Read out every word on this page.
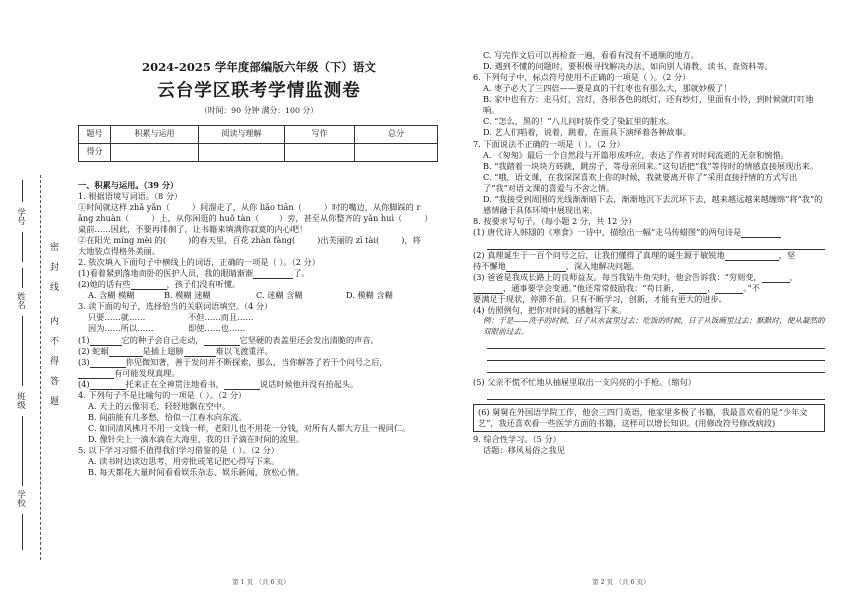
学号
姓名
班级
学校
密
封
线
内
不
得
答
题
2024-2025 学年度部编版六年级（下）语文
云台学区联考学情监测卷
（时间：90 分钟 满分：100 分）
题号	积累与运用	阅读与理解	写作	总分
得分				
一、积累与运用。（39 分）
1. 根据语境写词语。（8 分）
①时间就这样 zhǎ yǎn（	）间溜走了，从你 liǎo tiān（	）时的嘴边，从你脚踩的 r
ǎng zhuàn（	）上，从你闲逛的 huǒ tàn（ ）旁，甚至从你整齐的 yǎn huì（	）
桌前……因此，不要再徘徊了，让书籍来填满你寂寞的内心吧！
②在阳光 míng mèi 的(	)的春天里，百花 zhàn fàng(	)出芙丽的 zī tài(	)，将
大地装点得格外美丽。
2. 依次填入下面句子中横线上的词语，正确的一项是（ ）。（2 分）
(1)看着紧到落地而卧的医护人员，我的眼睛渐渐	了。
(2)她的话有些	，孩子们没有听懂。
A. 含糊 模糊	B. 模糊 迷糊	C. 迷糊 含糊	D. 模糊 含糊
3. 读下面的句子，选择恰当的关联词语填空。（4 分）
只要……就……	不但……而且……
因为……所以……	即使……也……
(1)	它的种子会自己走动，	它坚硬的表盖里还会发出清脆的声音。
(2) 蛇蜗	是插上翅膀	难以飞渡重洋。
(3)	你见微知著，善于发问并不断探索，那么，当你解答了若干个问号之后，
有可能发现真理。
(4)	托来正在全神贯注地看书，	说话时候他并没有抬起头。
4. 下列句子不是比喻句的一项是（ ）。（2 分）
A. 天上的云像羽毛，轻轻地飘在空中。
B. 间前能有几多愁，恰似一江春水向东流。
C. 如同清风拂月不用一文钱一样，老阳儿也不用花一分钱，对所有人都大方且一视同仁。
D. 像针尖上一滴水滴在大海里，我的日子滴在时间的流里。
5. 以下学习习惯不值得我们学习借鉴的是（ ）。（2 分）
A. 读书时边读边思考，用旁批或笔记把心得写下来。
B. 每天都花大量时间看看娱乐杂志、娱乐新闻，放松心情。
第 1 页 （共 6 页）
C. 写完作文后可以再检查一遍，看看有没有不通顺的地方。
D. 遇到不懂的问题时，要积极寻找解决办法，如向别人请教、读书、查资料等。
6. 下列句子中，标点符号使用不正确的一项是（ ）。（2 分）
A. 枣子必大了三四倍——要是真的干红枣也有那么大，那就妙极了！
B. 家中也有方：走马灯，宫灯，各形各色的纸灯，还有纱灯，里面有小铃，到时候就叮叮地响。
C. “怎么，黑的！”八儿问时装作受了染缸里的脏水。
D. 艺人们唱着，说着，跳着，在面具下演绎着各种故事。
7. 下面说法不正确的一项是（ ）。（2 分）
A. 《匆匆》最后一个自然段与开篇形成呼应，表达了作者对时间流逝的无奈和惋惜。
B. “我踏着一块块方砖跳，跳房子，等母亲回来。”这句话把“我”等待时的情感直接展现出来。
C. “哦，语文课，在我深深喜欢上你的时候，我就要离开你了”采用直接抒情的方式写出了“我”对语文课的喜爱与不舍之情。
D. “我接受到周围的光线渐渐暗下去，渐渐地沉下去沉坏下去，越来越远越来越缠绵”将“我”的感情融于具体环境中展现出来。
8. 按要求写句子。（每小题 2 分，共 12 分）
(1) 唐代诗人韩翃的《寒食》一诗中，描绘出一幅“走马传蜡图”的两句诗是
(2) 真理诞生于一百个问号之后，让我们懂得了真理的诞生源于敏锐地	，坚
持不懈地	，深入地解决问题。
(3) 爸爸是我成长路上的良师益友。每当我钻牛角尖时，他会告诉我：“穷则变，	，
，通事要学会变通。”他还常常鼓励我：“苟日新，	，	。”不
要满足于现状，停滞不前。只有不断学习，创新，才能有更大的进步。
(4) 仿照例句，把你对时间的感触写下来。
例：于是——洗手的时候，日子从水盆里过去；吃饭的时候，日子从饭碗里过去；默默时，便从凝然的双眼前过去。
(5) 父亲不慌不忙地从抽屉里取出一支闪亮的小手枪。（缩句）
(6) 舅舅在外国语学院工作，他会三四门英语，他家里多极了书籍，我最喜欢看的是“少年文艺”，我还喜欢看一些医学方面的书籍，这样可以增长知识。(用修改符号修改病段)
9. 综合性学习。（5 分）
话题：移风易俗之我见
第 2 页 （共 6 页）
